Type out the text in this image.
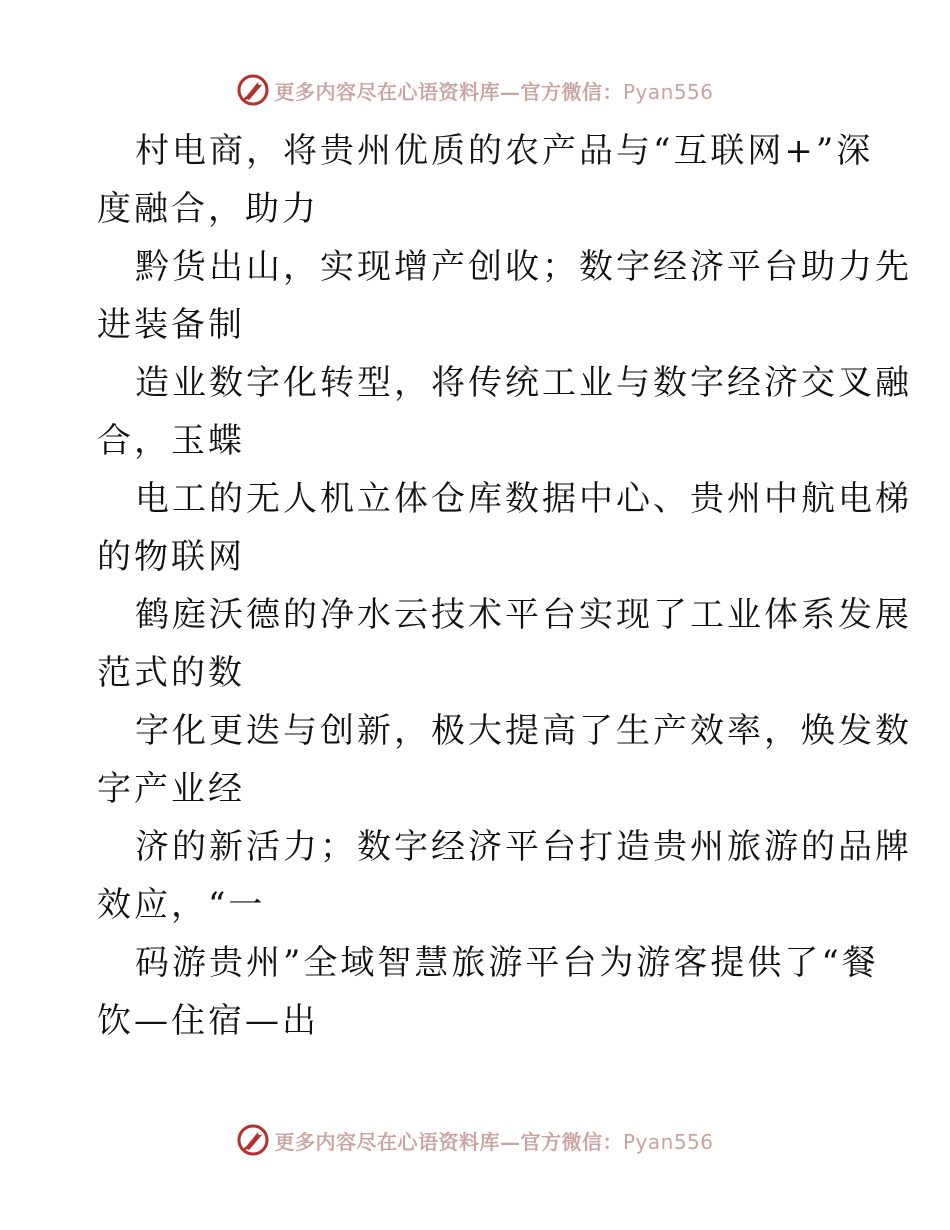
更多内容尽在心语资料库—官方微信：Pyan556

村电商，将贵州优质的农产品与“互联网+”深
度融合，助力

黔货出山，实现增产创收；数字经济平台助力先
进装备制

造业数字化转型，将传统工业与数字经济交叉融
合，玉蝶

电工的无人机立体仓库数据中心、贵州中航电梯
的物联网

鹤庭沃德的净水云技术平台实现了工业体系发展
范式的数

字化更迭与创新，极大提高了生产效率，焕发数
字产业经

济的新活力；数字经济平台打造贵州旅游的品牌
效应，“一

码游贵州”全域智慧旅游平台为游客提供了“餐
饮—住宿—出

更多内容尽在心语资料库—官方微信：Pyan556
